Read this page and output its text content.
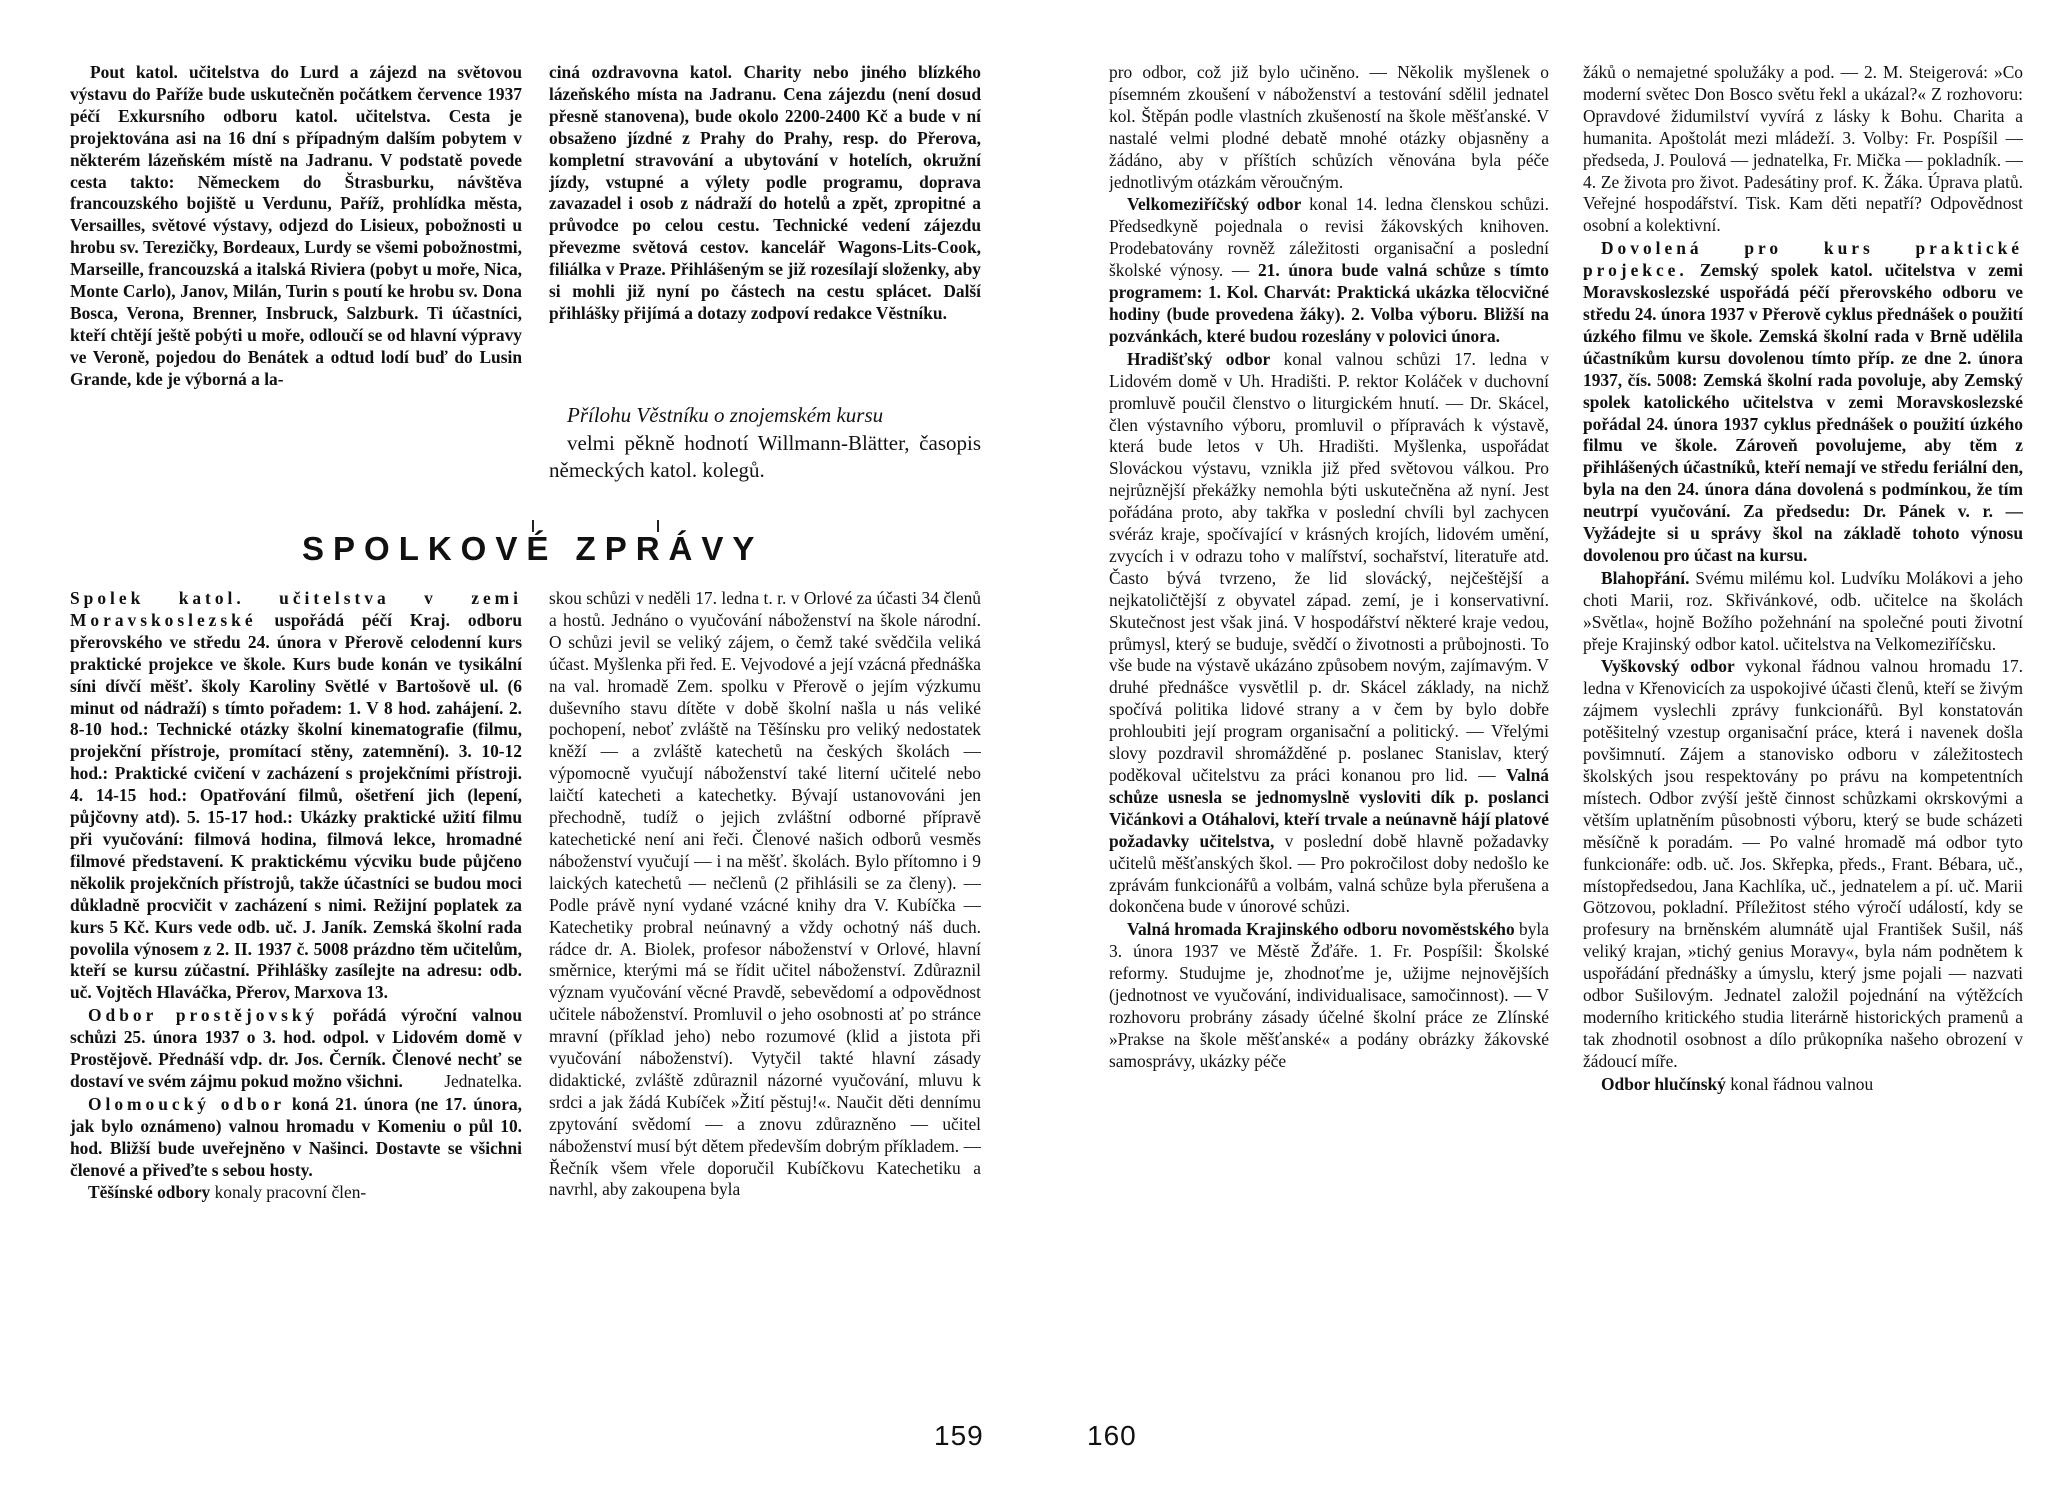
Pout katol. učitelstva do Lurd a zájezd na světovou výstavu do Paříže bude uskutečněn počátkem července 1937 péčí Exkursního odboru katol. učitelstva. Cesta je projektována asi na 16 dní s případným dalším pobytem v některém lázeňském místě na Jadranu. V podstatě povede cesta takto: Německem do Štrasburku, návštěva francouzského bojiště u Verdunu, Paříž, prohlídka města, Versailles, světové výstavy, odjezd do Lisieux, pobožnosti u hrobu sv. Terezičky, Bordeaux, Lurdy se všemi pobožnostmi, Marseille, francouzská a italská Riviera (pobyt u moře, Nica, Monte Carlo), Janov, Milán, Turin s poutí ke hrobu sv. Dona Bosca, Verona, Brenner, Insbruck, Salzburk. Ti účastníci, kteří chtějí ještě pobýti u moře, odloučí se od hlavní výpravy ve Veroně, pojedou do Benátek a odtud lodí buď do Lusin Grande, kde je výborná a la-

ciná ozdravovna katol. Charity nebo jiného blízkého lázeňského místa na Jadranu. Cena zájezdu (není dosud přesně stanovena), bude okolo 2200-2400 Kč a bude v ní obsaženo jízdné z Prahy do Prahy, resp. do Přerova, kompletní stravování a ubytování v hotelích, okružní jízdy, vstupné a výlety podle programu, doprava zavazadel i osob z nádraží do hotelů a zpět, zpropitné a průvodce po celou cestu. Technické vedení zájezdu převezme světová cestov. kancelář Wagons-Lits-Cook, filiálka v Praze. Přihlášeným se již rozesílají složenky, aby si mohli již nyní po částech na cestu splácet. Další přihlášky přijímá a dotazy zodpoví redakce Věstníku.

Přílohu Věstníku o znojemském kursu

velmi pěkně hodnotí Willmann-Blätter, časopis německých katol. kolegů.

SPOLKOVÉ ZPRÁVY

Spolek katol. učitelstva v zemi Moravskoslezské uspořádá péčí Kraj. odboru přerovského ve středu 24. února v Přerově celodenní kurs praktické projekce ve škole. Kurs bude konán ve tysikální síni dívčí měšť. školy Karoliny Světlé v Bartošově ul. (6 minut od nádraží) s tímto pořadem: 1. V 8 hod. zahájení. 2. 8-10 hod.: Technické otázky školní kinematografie (filmu, projekční přístroje, promítací stěny, zatemnění). 3. 10-12 hod.: Praktické cvičení v zacházení s projekčními přístroji. 4. 14-15 hod.: Opatřování filmů, ošetření jich (lepení, půjčovny atd). 5. 15-17 hod.: Ukázky praktické užití filmu při vyučování: filmová hodina, filmová lekce, hromadné filmové představení. K praktickému výcviku bude půjčeno několik projekčních přístrojů, takže účastníci se budou moci důkladně procvičit v zacházení s nimi. Režijní poplatek za kurs 5 Kč. Kurs vede odb. uč. J. Janík. Zemská školní rada povolila výnosem z 2. II. 1937 č. 5008 prázdno těm učitelům, kteří se kursu zúčastní. Přihlášky zasílejte na adresu: odb. uč. Vojtěch Hlaváčka, Přerov, Marxova 13.

Odbor prostějovský pořádá výroční valnou schůzi 25. února 1937 o 3. hod. odpol. v Lidovém domě v Prostějově. Přednáší vdp. dr. Jos. Černík. Členové nechť se dostaví ve svém zájmu pokud možno všichni.	Jednatelka.

Olomoucký odbor koná 21. února (ne 17. února, jak bylo oznámeno) valnou hromadu v Komeniu o půl 10. hod. Bližší bude uveřejněno v Našinci. Dostavte se všichni členové a přiveďte s sebou hosty.

Těšínské odbory konaly pracovní člen-

skou schůzi v neděli 17. ledna t. r. v Orlové za účasti 34 členů a hostů. Jednáno o vyučování náboženství na škole národní. O schůzi jevil se veliký zájem, o čemž také svědčila veliká účast. Myšlenka při řed. E. Vejvodové a její vzácná přednáška na val. hromadě Zem. spolku v Přerově o jejím výzkumu duševního stavu dítěte v době školní našla u nás veliké pochopení, neboť zvláště na Těšínsku pro veliký nedostatek kněží — a zvláště katechetů na českých školách — výpomocně vyučují náboženství také literní učitelé nebo laičtí katecheti a katechetky. Bývají ustanovováni jen přechodně, tudíž o jejich zvláštní odborné přípravě katechetické není ani řeči. Členové našich odborů vesměs náboženství vyučují — i na měšť. školách. Bylo přítomno i 9 laických katechetů — nečlenů (2 přihlásili se za členy). — Podle právě nyní vydané vzácné knihy dra V. Kubíčka — Katechetiky probral neúnavný a vždy ochotný náš duch. rádce dr. A. Biolek, profesor náboženství v Orlové, hlavní směrnice, kterými má se řídit učitel náboženství. Zdůraznil význam vyučování věcné Pravdě, sebevědomí a odpovědnost učitele náboženství. Promluvil o jeho osobnosti ať po stránce mravní (příklad jeho) nebo rozumové (klid a jistota při vyučování náboženství). Vytyčil takté hlavní zásady didaktické, zvláště zdůraznil názorné vyučování, mluvu k srdci a jak žádá Kubíček »Žití pěstuj!«. Naučit děti dennímu zpytování svědomí — a znovu zdůrazněno — učitel náboženství musí být dětem především dobrým příkladem. — Řečník všem vřele doporučil Kubíčkovu Katechetiku a navrhl, aby zakoupena byla

159

pro odbor, což již bylo učiněno. — Několik myšlenek o písemném zkoušení v náboženství a testování sdělil jednatel kol. Štěpán podle vlastních zkušeností na škole měšťanské. V nastalé velmi plodné debatě mnohé otázky objasněny a žádáno, aby v příštích schůzích věnována byla péče jednotlivým otázkám věroučným.

Velkomeziříčský odbor konal 14. ledna členskou schůzi. Předsedkyně pojednala o revisi žákovských knihoven. Prodebatovány rovněž záležitosti organisační a poslední školské výnosy. — 21. února bude valná schůze s tímto programem: 1. Kol. Charvát: Praktická ukázka tělocvičné hodiny (bude provedena žáky). 2. Volba výboru. Bližší na pozvánkách, které budou rozeslány v polovici února.

Hradišťský odbor konal valnou schůzi 17. ledna v Lidovém domě v Uh. Hradišti. P. rektor Koláček v duchovní promluvě poučil členstvo o liturgickém hnutí. — Dr. Skácel, člen výstavního výboru, promluvil o přípravách k výstavě, která bude letos v Uh. Hradišti. Myšlenka, uspořádat Slováckou výstavu, vznikla již před světovou válkou. Pro nejrůznější překážky nemohla býti uskutečněna až nyní. Jest pořádána proto, aby takřka v poslední chvíli byl zachycen svéráz kraje, spočívající v krásných krojích, lidovém umění, zvycích i v odrazu toho v malířství, sochařství, literatuře atd. Často bývá tvrzeno, že lid slovácký, nejčeštější a nejkatoličtější z obyvatel západ. zemí, je i konservativní. Skutečnost jest však jiná. V hospodářství některé kraje vedou, průmysl, který se buduje, svědčí o životnosti a průbojnosti. To vše bude na výstavě ukázáno způsobem novým, zajímavým. V druhé přednášce vysvětlil p. dr. Skácel základy, na nichž spočívá politika lidové strany a v čem by bylo dobře prohloubiti její program organisační a politický. — Vřelými slovy pozdravil shromážděné p. poslanec Stanislav, který poděkoval učitelstvu za práci konanou pro lid. — Valná schůze usnesla se jednomyslně vysloviti dík p. poslanci Vičánkovi a Otáhalovi, kteří trvale a neúnavně hájí platové požadavky učitelstva, v poslední době hlavně požadavky učitelů měšťanských škol. — Pro pokročilost doby nedošlo ke zprávám funkcionářů a volbám, valná schůze byla přerušena a dokončena bude v únorové schůzi.

Valná hromada Krajinského odboru novoměstského byla 3. února 1937 ve Městě Žďáře. 1. Fr. Pospíšil: Školské reformy. Studujme je, zhodnoťme je, užijme nejnovějších (jednotnost ve vyučování, individualisace, samočinnost). — V rozhovoru probrány zásady účelné školní práce ze Zlínské »Prakse na škole měšťanské« a podány obrázky žákovské samosprávy, ukázky péče

žáků o nemajetné spolužáky a pod. — 2. M. Steigerová: »Co moderní světec Don Bosco světu řekl a ukázal?« Z rozhovoru: Opravdové židumilství vyvírá z lásky k Bohu. Charita a humanita. Apoštolát mezi mládeží. 3. Volby: Fr. Pospíšil — předseda, J. Poulová — jednatelka, Fr. Mička — pokladník. — 4. Ze života pro život. Padesátiny prof. K. Žáka. Úprava platů. Veřejné hospodářství. Tisk. Kam děti nepatří? Odpovědnost osobní a kolektivní.

Dovolená pro kurs praktické projekce. Zemský spolek katol. učitelstva v zemi Moravskoslezské uspořádá péčí přerovského odboru ve středu 24. února 1937 v Přerově cyklus přednášek o použití úzkého filmu ve škole. Zemská školní rada v Brně udělila účastníkům kursu dovolenou tímto příp. ze dne 2. února 1937, čís. 5008: Zemská školní rada povoluje, aby Zemský spolek katolického učitelstva v zemi Moravskoslezské pořádal 24. února 1937 cyklus přednášek o použití úzkého filmu ve škole. Zároveň povolujeme, aby těm z přihlášených účastníků, kteří nemají ve středu feriální den, byla na den 24. února dána dovolená s podmínkou, že tím neutrpí vyučování. Za předsedu: Dr. Pánek v. r. — Vyžádejte si u správy škol na základě tohoto výnosu dovolenou pro účast na kursu.

Blahopřání. Svému milému kol. Ludvíku Molákovi a jeho choti Marii, roz. Skřivánkové, odb. učitelce na školách »Světla«, hojně Božího požehnání na společné pouti životní přeje Krajinský odbor katol. učitelstva na Velkomeziříčsku.

Vyškovský odbor vykonal řádnou valnou hromadu 17. ledna v Křenovicích za uspokojivé účasti členů, kteří se živým zájmem vyslechli zprávy funkcionářů. Byl konstatován potěšitelný vzestup organisační práce, která i navenek došla povšimnutí. Zájem a stanovisko odboru v záležitostech školských jsou respektovány po právu na kompetentních místech. Odbor zvýší ještě činnost schůzkami okrskovými a větším uplatněním působnosti výboru, který se bude scházeti měsíčně k poradám. — Po valné hromadě má odbor tyto funkcionáře: odb. uč. Jos. Skřepka, předs., Frant. Bébara, uč., místopředsedou, Jana Kachlíka, uč., jednatelem a pí. uč. Marii Götzovou, pokladní. Příležitost stého výročí událostí, kdy se profesury na brněnském alumnátě ujal František Sušil, náš veliký krajan, »tichý genius Moravy«, byla nám podnětem k uspořádání přednášky a úmyslu, který jsme pojali — nazvati odbor Sušilovým. Jednatel založil pojednání na výtěžcích moderního kritického studia literárně historických pramenů a tak zhodnotil osobnost a dílo průkopníka našeho obrození v žádoucí míře.

Odbor hlučínský konal řádnou valnou

160
